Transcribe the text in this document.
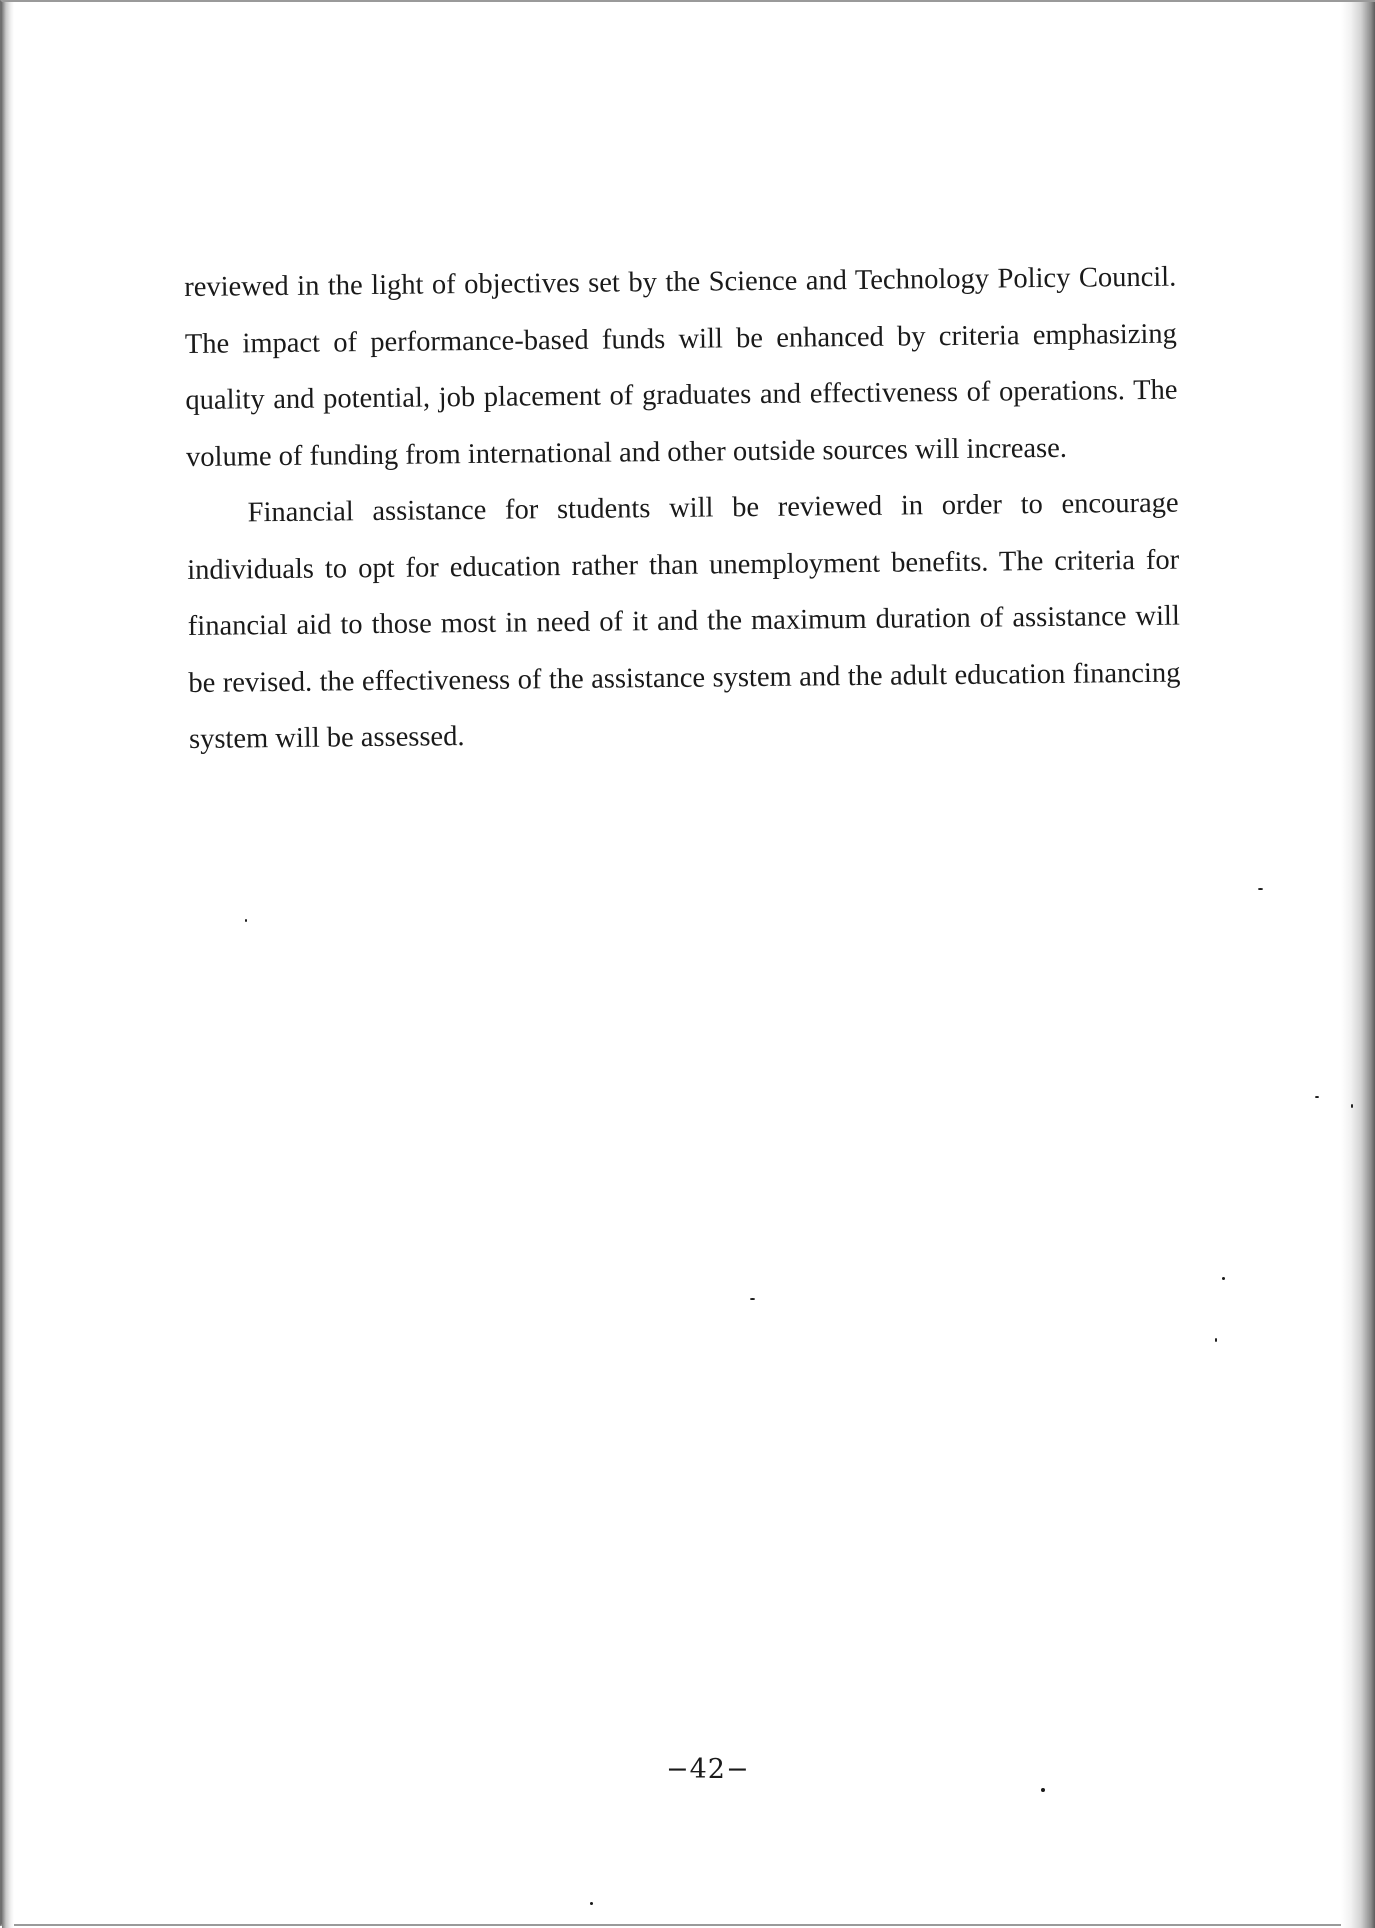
reviewed in the light of objectives set by the Science and Technology Policy Council. The impact of performance-based funds will be enhanced by criteria emphasizing quality and potential, job placement of graduates and effectiveness of operations. The volume of funding from international and other outside sources will increase.

Financial assistance for students will be reviewed in order to encourage individuals to opt for education rather than unemployment benefits. The criteria for financial aid to those most in need of it and the maximum duration of assistance will be revised. the effectiveness of the assistance system and the adult education financing system will be assessed.

−42−
